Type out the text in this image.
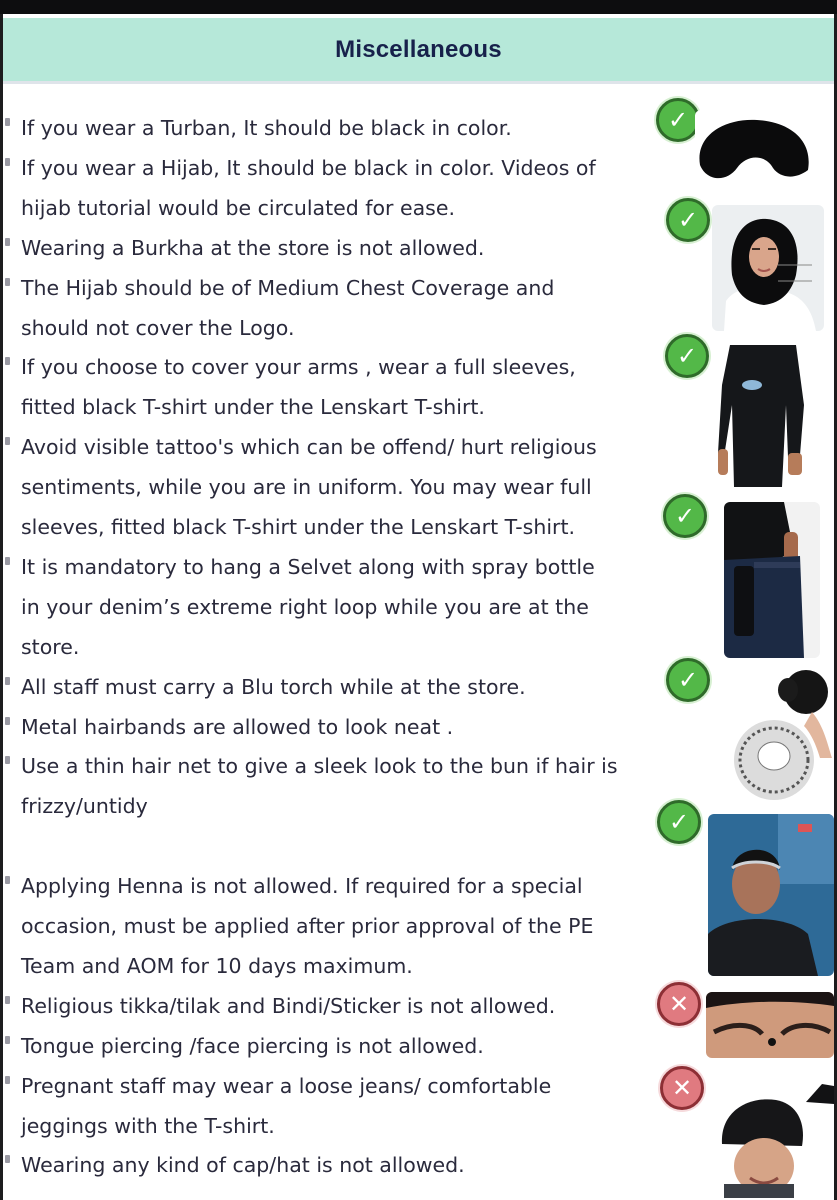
Miscellaneous
If you wear a Turban, It should be black in color.
If you wear a Hijab, It should be black in color. Videos of
hijab tutorial would be circulated for ease.
Wearing a Burkha at the store is not allowed.
The Hijab should be of Medium Chest Coverage and
should not cover the Logo.
If you choose to cover your arms , wear a full sleeves,
fitted black T-shirt under the Lenskart T-shirt.
Avoid visible tattoo's which can be offend/ hurt religious
sentiments, while you are in uniform. You may wear full
sleeves, fitted black T-shirt under the Lenskart T-shirt.
It is mandatory to hang a Selvet along with spray bottle
in your denim’s extreme right loop while you are at the
store.
All staff must carry a Blu torch while at the store.
Metal hairbands are allowed to look neat .
Use a thin hair net to give a sleek look to the bun if hair is
frizzy/untidy
Applying Henna is not allowed. If required for a special
occasion, must be applied after prior approval of the PE
Team and AOM for 10 days maximum.
Religious tikka/tilak and Bindi/Sticker is not allowed.
Tongue piercing /face piercing is not allowed.
Pregnant staff may wear a loose jeans/ comfortable
jeggings with the T-shirt.
Wearing any kind of cap/hat is not allowed.
✓
✓
✓
✓
✓
✓
✕
✕
